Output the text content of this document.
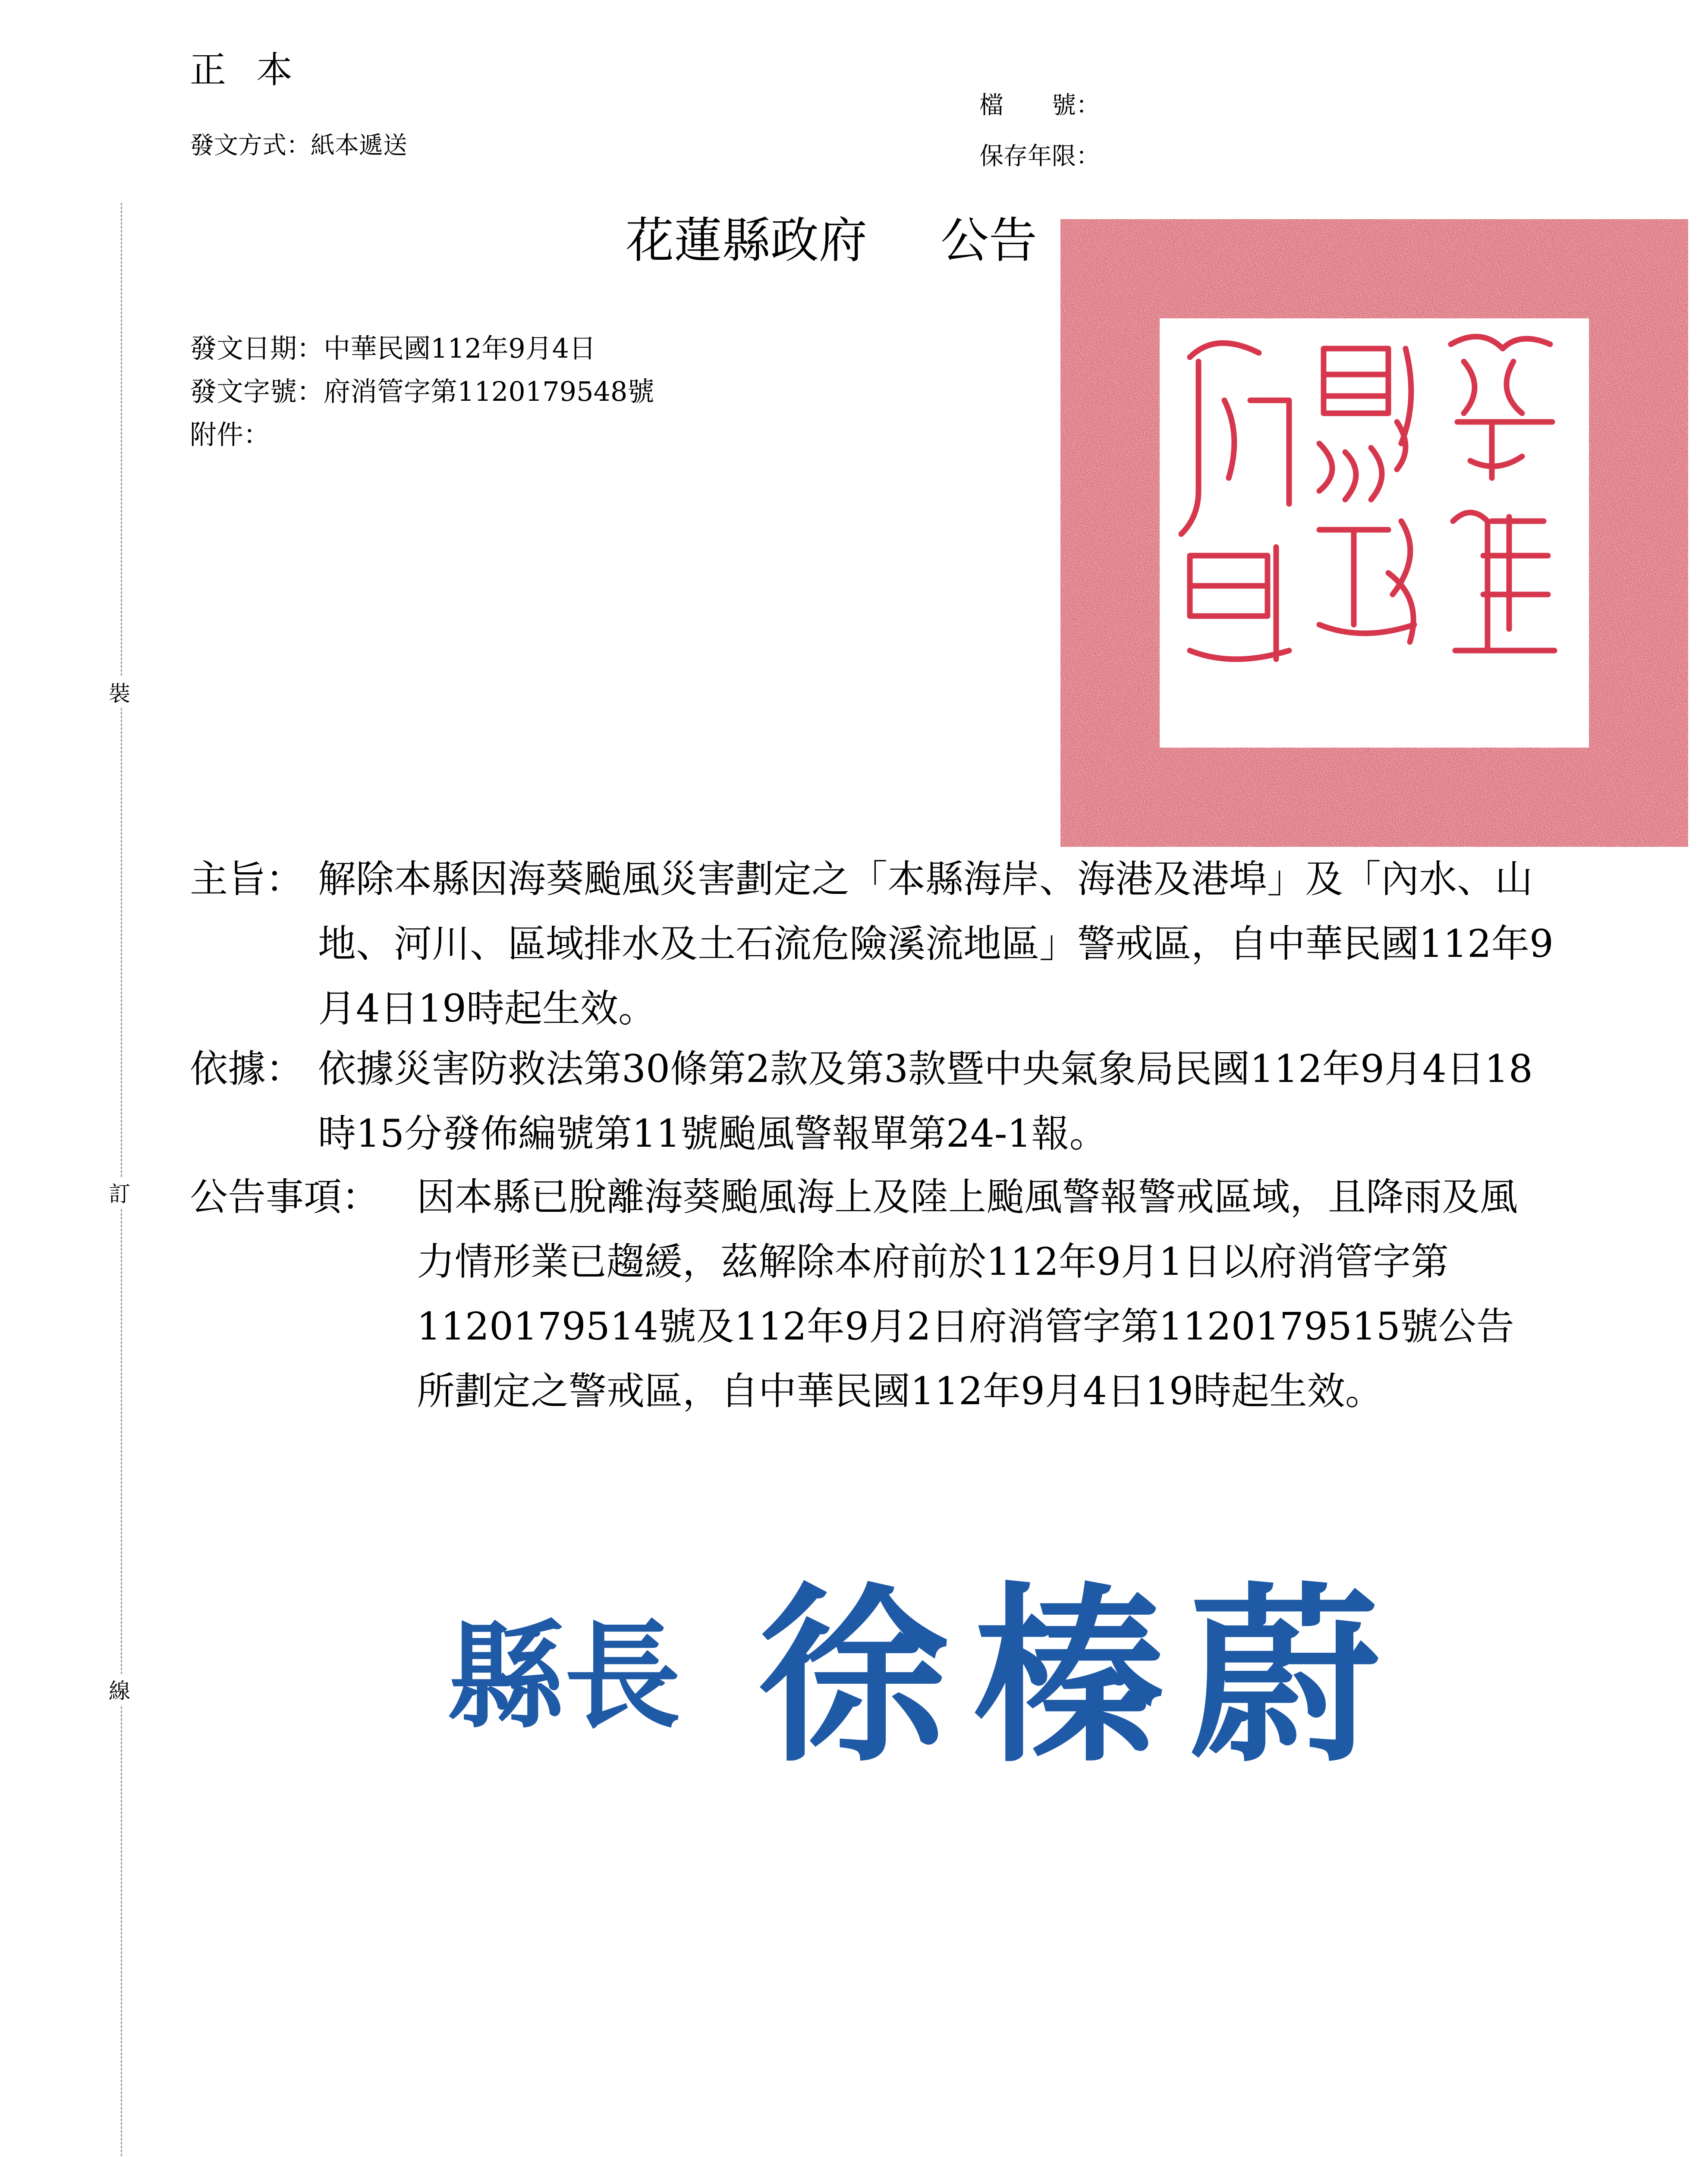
正本
發文方式：紙本遞送
檔　　號：
保存年限：
花蓮縣政府 公告
發文日期：中華民國112年9月4日
發文字號：府消管字第1120179548號
附件：
裝
訂
線
主旨： 解除本縣因海葵颱風災害劃定之「本縣海岸、海港及港埠」及「內水、山地、河川、區域排水及土石流危險溪流地區」警戒區，自中華民國112年9月4日19時起生效。
依據： 依據災害防救法第30條第2款及第3款暨中央氣象局民國112年9月4日18時15分發佈編號第11號颱風警報單第24-1報。
公告事項： 因本縣已脫離海葵颱風海上及陸上颱風警報警戒區域，且降雨及風力情形業已趨緩，茲解除本府前於112年9月1日以府消管字第1120179514號及112年9月2日府消管字第1120179515號公告所劃定之警戒區，自中華民國112年9月4日19時起生效。
縣長 徐榛蔚
